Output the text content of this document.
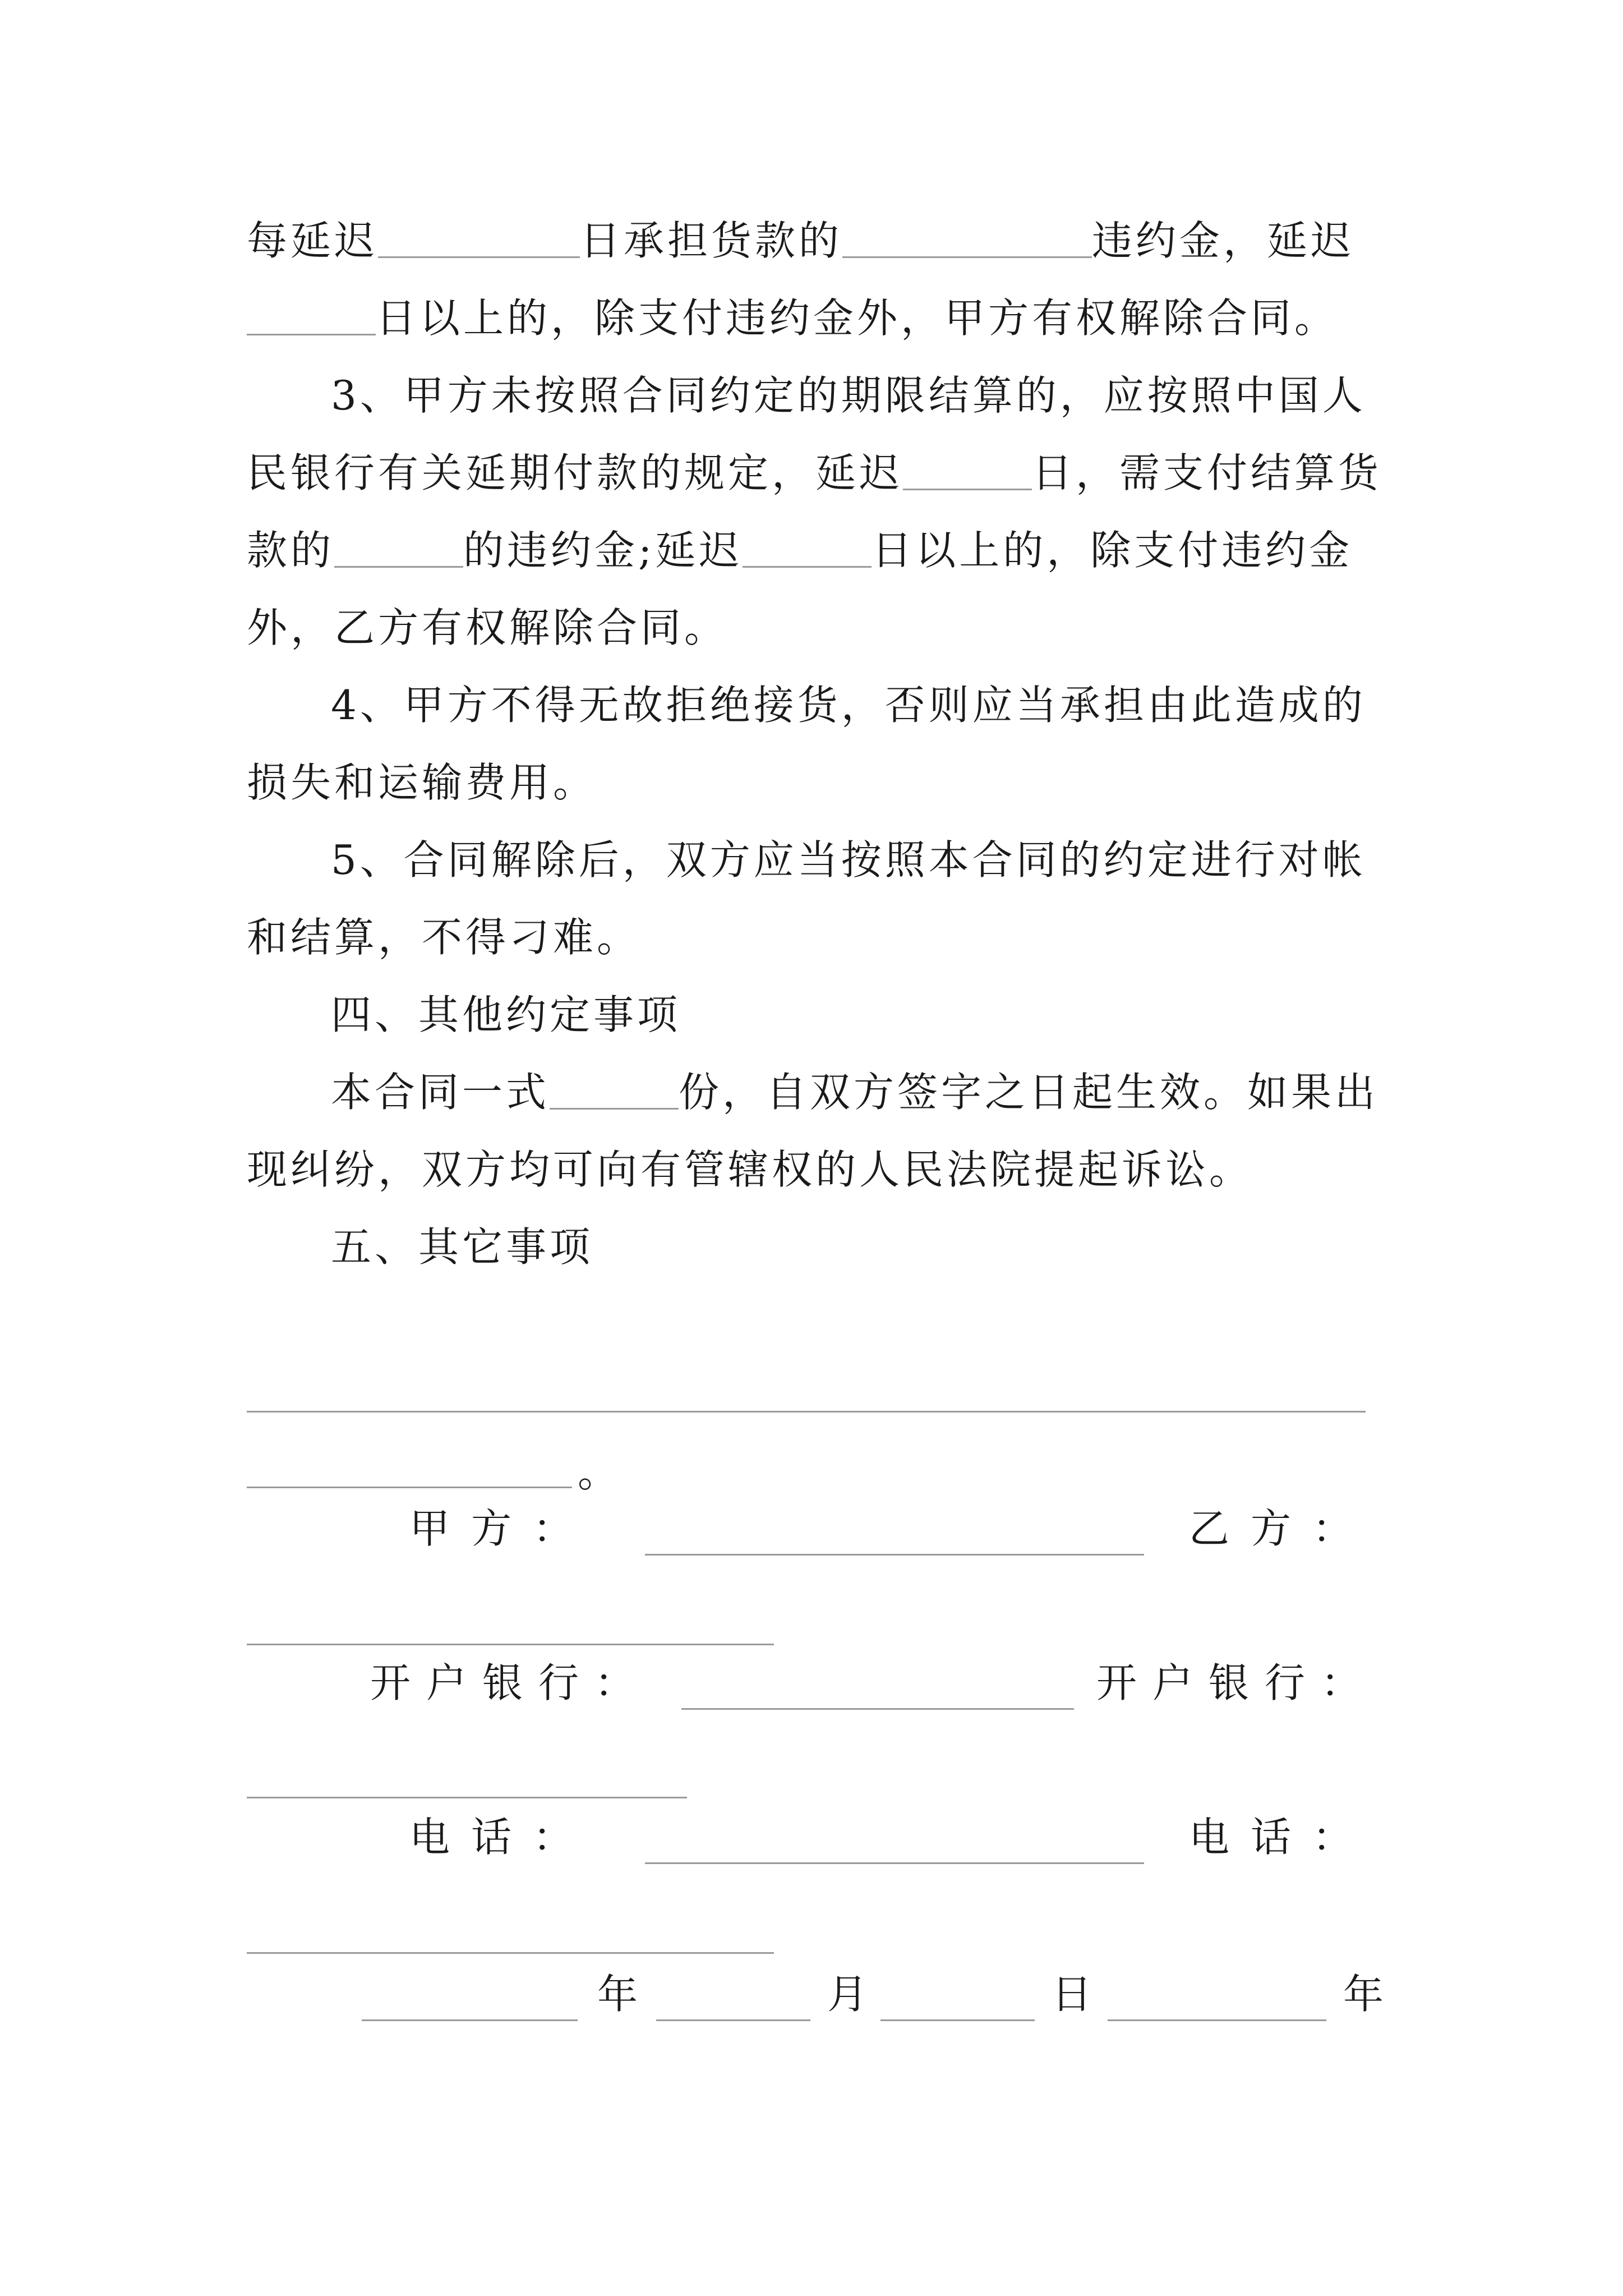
每延迟	日承担货款的	违约金，延迟
日以上的，除支付违约金外，甲方有权解除合同。
3、甲方未按照合同约定的期限结算的，应按照中国人
民银行有关延期付款的规定，延迟	日，需支付结算货
款的	的违约金;延迟	日以上的，除支付违约金
外，乙方有权解除合同。
4、甲方不得无故拒绝接货，否则应当承担由此造成的
损失和运输费用。
5、合同解除后，双方应当按照本合同的约定进行对帐
和结算，不得刁难。
四、其他约定事项
本合同一式	份，自双方签字之日起生效。如果出
现纠纷，双方均可向有管辖权的人民法院提起诉讼。
五、其它事项
。
甲方：	乙方：
开户银行：	开户银行：
电话：	电话：
年	月	日	年
